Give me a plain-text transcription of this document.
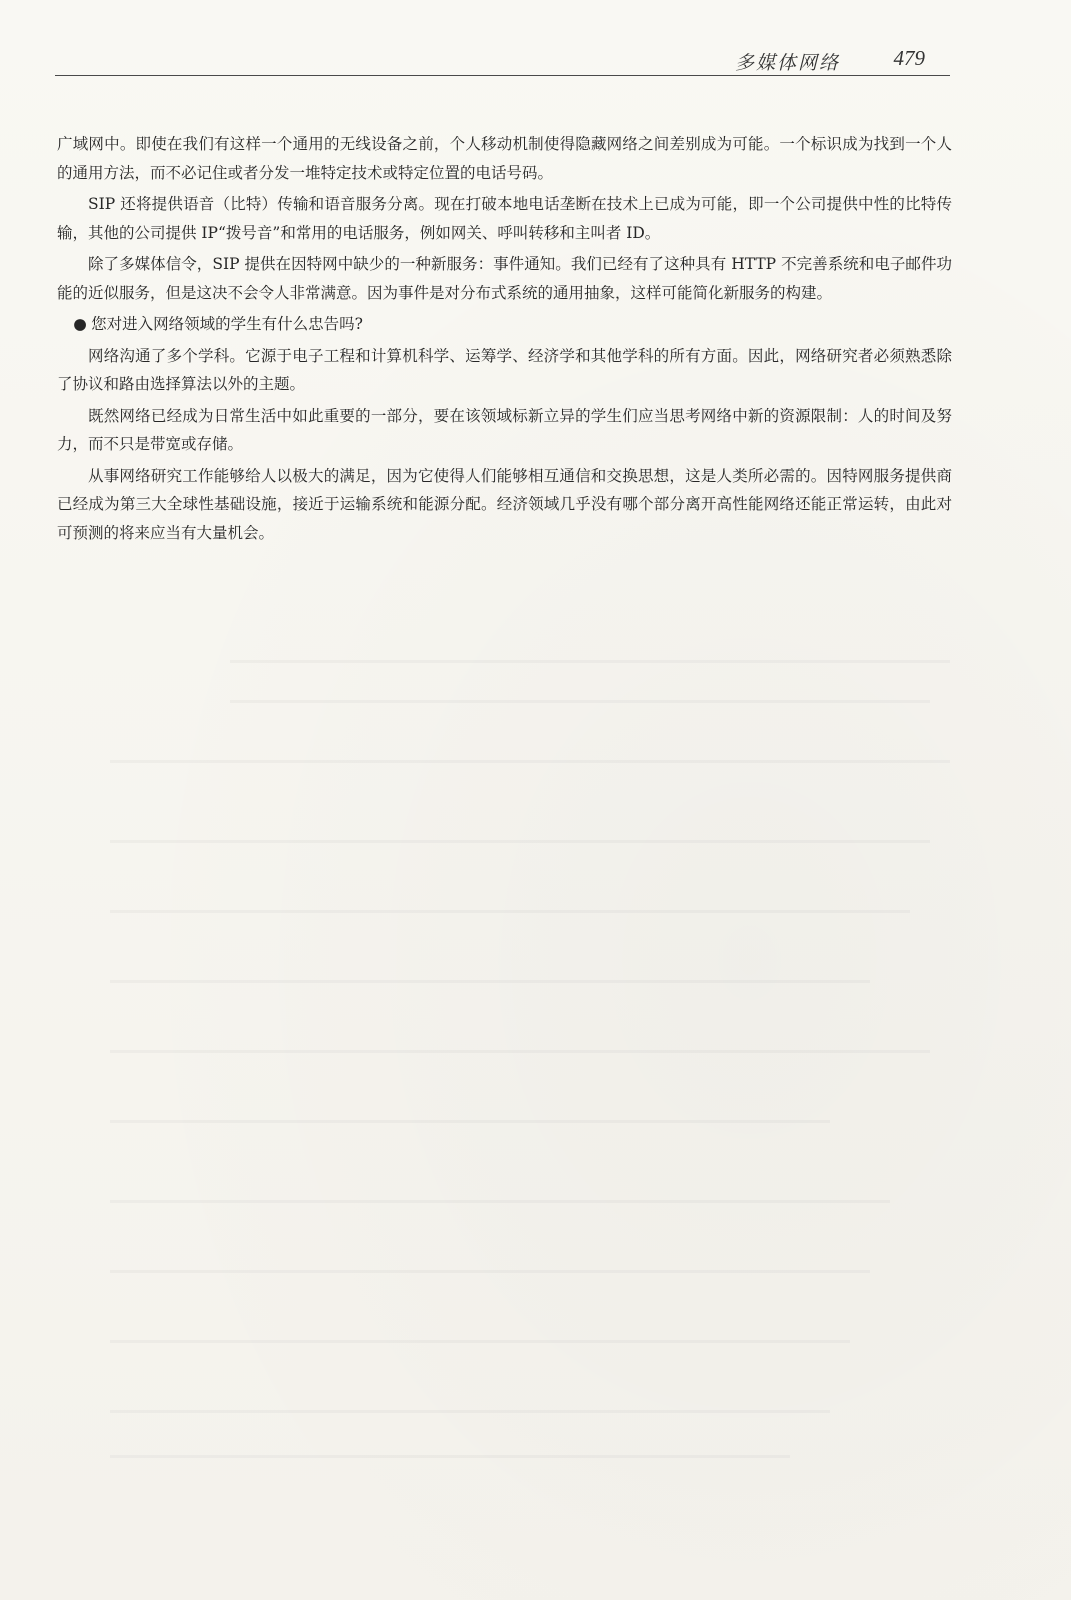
多媒体网络	479

广域网中。即使在我们有这样一个通用的无线设备之前，个人移动机制使得隐藏网络之间差别成为可能。一个标识成为找到一个人的通用方法，而不必记住或者分发一堆特定技术或特定位置的电话号码。

SIP 还将提供语音（比特）传输和语音服务分离。现在打破本地电话垄断在技术上已成为可能，即一个公司提供中性的比特传输，其他的公司提供 IP“拨号音”和常用的电话服务，例如网关、呼叫转移和主叫者 ID。

除了多媒体信令，SIP 提供在因特网中缺少的一种新服务：事件通知。我们已经有了这种具有 HTTP 不完善系统和电子邮件功能的近似服务，但是这决不会令人非常满意。因为事件是对分布式系统的通用抽象，这样可能简化新服务的构建。

● 您对进入网络领域的学生有什么忠告吗?

网络沟通了多个学科。它源于电子工程和计算机科学、运筹学、经济学和其他学科的所有方面。因此，网络研究者必须熟悉除了协议和路由选择算法以外的主题。

既然网络已经成为日常生活中如此重要的一部分，要在该领域标新立异的学生们应当思考网络中新的资源限制：人的时间及努力，而不只是带宽或存储。

从事网络研究工作能够给人以极大的满足，因为它使得人们能够相互通信和交换思想，这是人类所必需的。因特网服务提供商已经成为第三大全球性基础设施，接近于运输系统和能源分配。经济领域几乎没有哪个部分离开高性能网络还能正常运转，由此对可预测的将来应当有大量机会。
